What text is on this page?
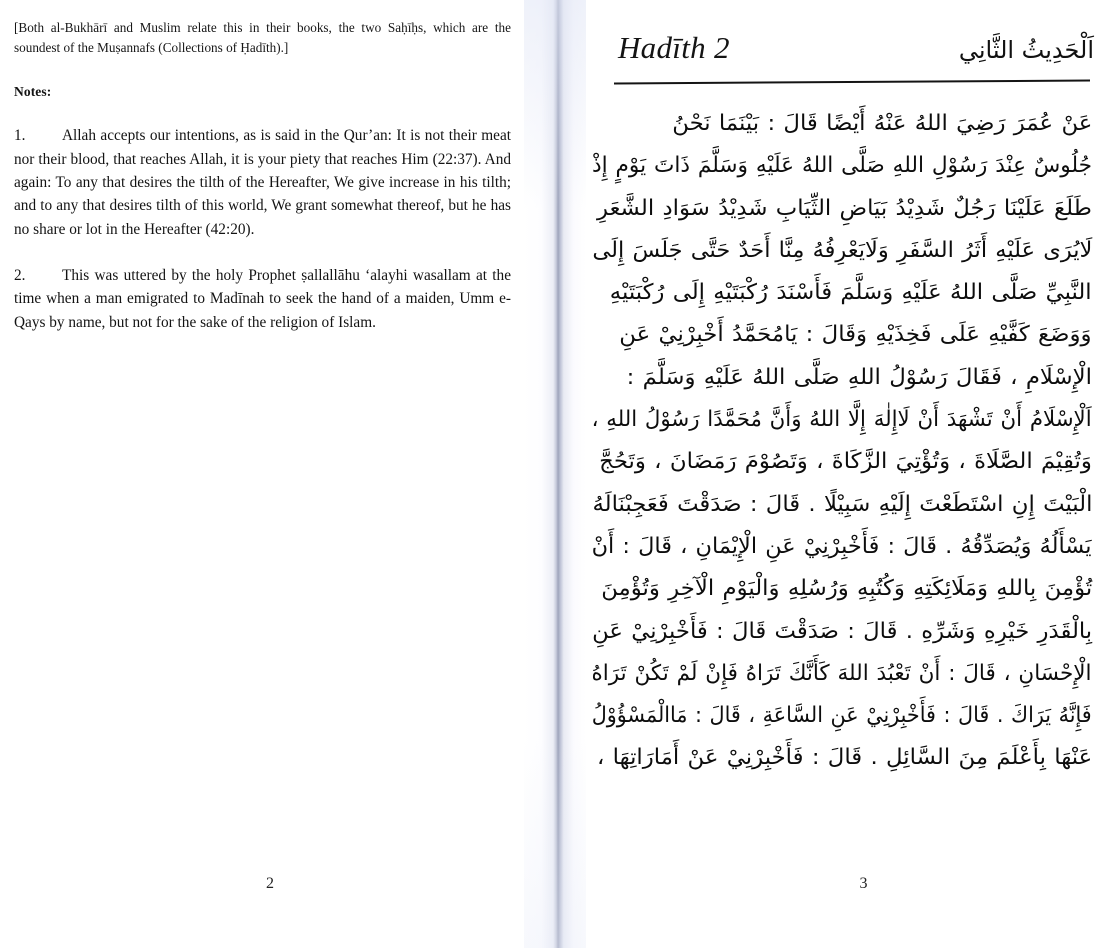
[Both al-Bukhārī and Muslim relate this in their books, the two Saḥīḥs, which are the soundest of the Muṣannafs (Collections of Ḥadīth).]

Notes:

1. Allah accepts our intentions, as is said in the Qur’an: It is not their meat nor their blood, that reaches Allah, it is your piety that reaches Him (22:37). And again: To any that desires the tilth of the Hereafter, We give increase in his tilth; and to any that desires tilth of this world, We grant somewhat thereof, but he has no share or lot in the Hereafter (42:20).

2. This was uttered by the holy Prophet ṣallallāhu ‘alayhi wasallam at the time when a man emigrated to Madīnah to seek the hand of a maiden, Umm e-Qays by name, but not for the sake of the religion of Islam.

2
Hadīth 2	اَلْحَدِيثُ الثَّانِي
عَنْ عُمَرَ رَضِيَ اللهُ عَنْهُ أَيْضًا قَالَ : بَيْنَمَا نَحْنُ
جُلُوسٌ عِنْدَ رَسُوْلِ اللهِ صَلَّى اللهُ عَلَيْهِ وَسَلَّمَ ذَاتَ يَوْمٍ إِذْ
طَلَعَ عَلَيْنَا رَجُلٌ شَدِيْدُ بَيَاضِ الثِّيَابِ شَدِيْدُ سَوَادِ الشَّعَرِ
لَايُرَى عَلَيْهِ أَثَرُ السَّفَرِ وَلَايَعْرِفُهُ مِنَّا أَحَدٌ حَتَّى جَلَسَ إِلَى
النَّبِيِّ صَلَّى اللهُ عَلَيْهِ وَسَلَّمَ فَأَسْنَدَ رُكْبَتَيْهِ إِلَى رُكْبَتَيْهِ
وَوَضَعَ كَفَّيْهِ عَلَى فَخِذَيْهِ وَقَالَ : يَامُحَمَّدُ أَخْبِرْنِيْ عَنِ
الْإِسْلَامِ ، فَقَالَ رَسُوْلُ اللهِ صَلَّى اللهُ عَلَيْهِ وَسَلَّمَ :
اَلْإِسْلَامُ أَنْ تَشْهَدَ أَنْ لَاإِلٰهَ إِلَّا اللهُ وَأَنَّ مُحَمَّدًا رَسُوْلُ اللهِ ،
وَتُقِيْمَ الصَّلَاةَ ، وَتُؤْتِيَ الزَّكَاةَ ، وَتَصُوْمَ رَمَضَانَ ، وَتَحُجَّ
الْبَيْتَ إِنِ اسْتَطَعْتَ إِلَيْهِ سَبِيْلًا . قَالَ : صَدَقْتَ فَعَجِبْنَالَهُ
يَسْأَلُهُ وَيُصَدِّقُهُ . قَالَ : فَأَخْبِرْنِيْ عَنِ الْإِيْمَانِ ، قَالَ : أَنْ
تُؤْمِنَ بِاللهِ وَمَلَائِكَتِهِ وَكُتُبِهِ وَرُسُلِهِ وَالْيَوْمِ الْآخِرِ وَتُؤْمِنَ
بِالْقَدَرِ خَيْرِهِ وَشَرِّهِ . قَالَ : صَدَقْتَ قَالَ : فَأَخْبِرْنِيْ عَنِ
الْإِحْسَانِ ، قَالَ : أَنْ تَعْبُدَ اللهَ كَأَنَّكَ تَرَاهُ فَإِنْ لَمْ تَكُنْ تَرَاهُ
فَإِنَّهُ يَرَاكَ . قَالَ : فَأَخْبِرْنِيْ عَنِ السَّاعَةِ ، قَالَ : مَاالْمَسْؤُوْلُ
عَنْهَا بِأَعْلَمَ مِنَ السَّائِلِ . قَالَ : فَأَخْبِرْنِيْ عَنْ أَمَارَاتِهَا ،
3
